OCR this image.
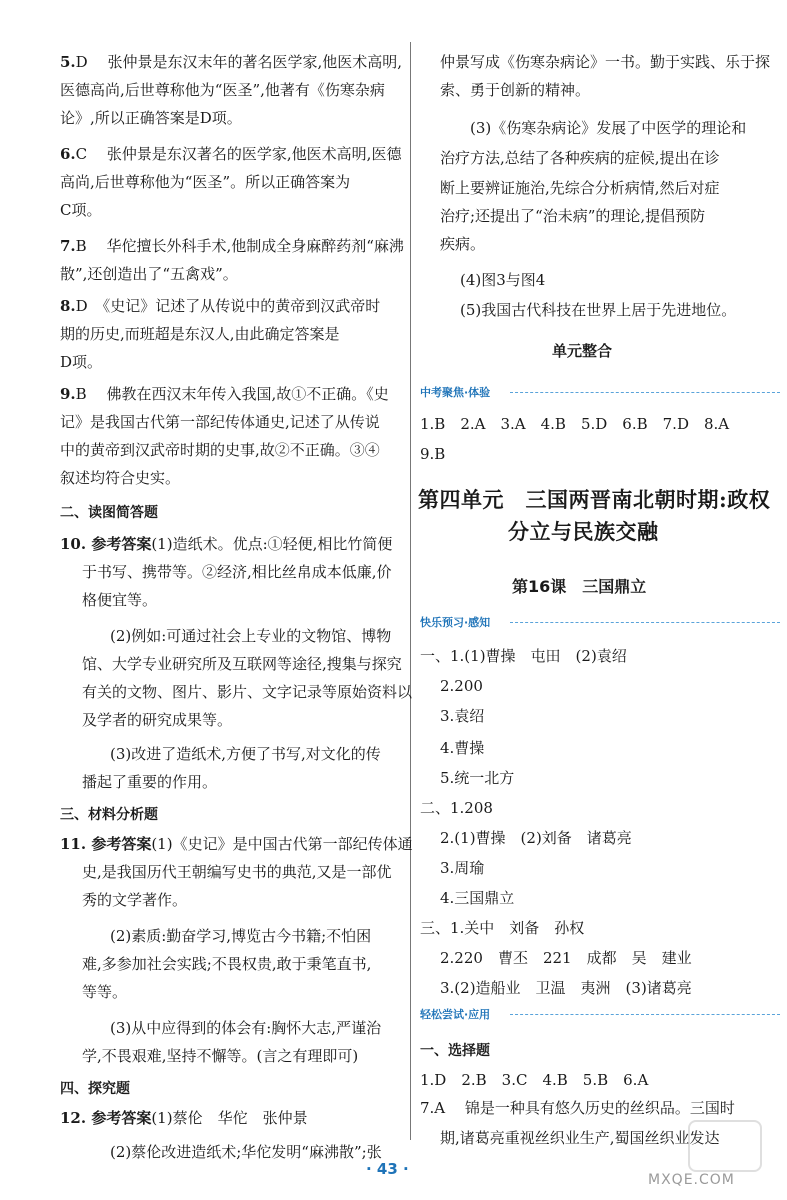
5.D　 张仲景是东汉末年的著名医学家,他医术高明,
医德高尚,后世尊称他为“医圣”,他著有《伤寒杂病
论》,所以正确答案是D项。
6.C　 张仲景是东汉著名的医学家,他医术高明,医德
高尚,后世尊称他为“医圣”。所以正确答案为
C项。
7.B　 华佗擅长外科手术,他制成全身麻醉药剂“麻沸
散”,还创造出了“五禽戏”。
8.D　《史记》记述了从传说中的黄帝到汉武帝时
期的历史,而班超是东汉人,由此确定答案是
D项。
9.B　 佛教在西汉末年传入我国,故①不正确。《史
记》是我国古代第一部纪传体通史,记述了从传说
中的黄帝到汉武帝时期的史事,故②不正确。③④
叙述均符合史实。
二、读图简答题
10. 参考答案(1)造纸术。优点:①轻便,相比竹简便
于书写、携带等。②经济,相比丝帛成本低廉,价
格便宜等。
(2)例如:可通过社会上专业的文物馆、博物
馆、大学专业研究所及互联网等途径,搜集与探究
有关的文物、图片、影片、文字记录等原始资料以
及学者的研究成果等。
(3)改进了造纸术,方便了书写,对文化的传
播起了重要的作用。
三、材料分析题
11. 参考答案(1)《史记》是中国古代第一部纪传体通
史,是我国历代王朝编写史书的典范,又是一部优
秀的文学著作。
(2)素质:勤奋学习,博览古今书籍;不怕困
难,多参加社会实践;不畏权贵,敢于秉笔直书,
等等。
(3)从中应得到的体会有:胸怀大志,严谨治
学,不畏艰难,坚持不懈等。(言之有理即可)
四、探究题
12. 参考答案(1)蔡伦　华佗　张仲景
(2)蔡伦改进造纸术;华佗发明“麻沸散”;张
仲景写成《伤寒杂病论》一书。勤于实践、乐于探
索、勇于创新的精神。
(3)《伤寒杂病论》发展了中医学的理论和
治疗方法,总结了各种疾病的症候,提出在诊
断上要辨证施治,先综合分析病情,然后对症
治疗;还提出了“治未病”的理论,提倡预防
疾病。
(4)图3与图4
(5)我国古代科技在世界上居于先进地位。
1.B　2.A　3.A　4.B　5.D　6.B　7.D　8.A
9.B
一、1.(1)曹操　屯田　(2)袁绍
2.200
3.袁绍
4.曹操
5.统一北方
二、1.208
2.(1)曹操　(2)刘备　诸葛亮
3.周瑜
4.三国鼎立
三、1.关中　刘备　孙权
2.220　曹丕　221　成都　吴　建业
3.(2)造船业　卫温　夷洲　(3)诸葛亮
一、选择题
1.D　2.B　3.C　4.B　5.B　6.A
7.A　 锦是一种具有悠久历史的丝织品。三国时
期,诸葛亮重视丝织业生产,蜀国丝织业发达
单元整合
中考聚焦·体验
第四单元　三国两晋南北朝时期:政权
分立与民族交融
第16课　三国鼎立
快乐预习·感知
轻松尝试·应用
· 43 ·
MXQE.COM
